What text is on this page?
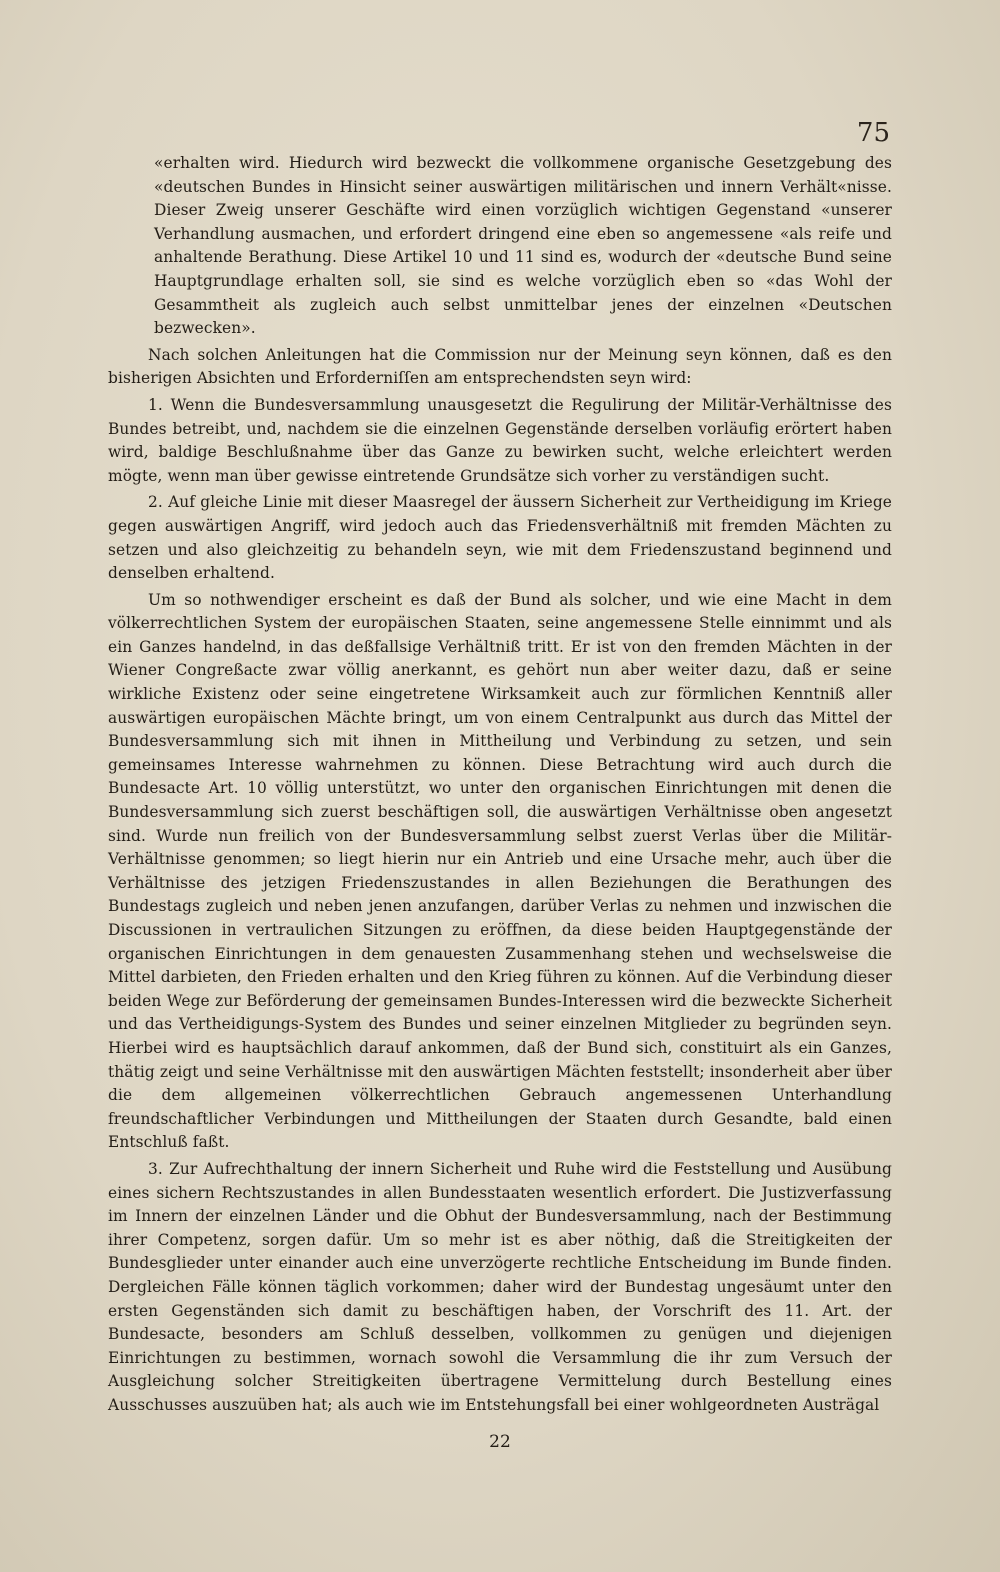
75

«erhalten wird. Hiedurch wird bezweckt die vollkommene organische Gesetzgebung des «deutschen Bundes in Hinsicht seiner auswärtigen militärischen und innern Verhält«nisse. Dieser Zweig unserer Geschäfte wird einen vorzüglich wichtigen Gegenstand «unserer Verhandlung ausmachen, und erfordert dringend eine eben so angemessene «als reife und anhaltende Berathung. Diese Artikel 10 und 11 sind es, wodurch der «deutsche Bund seine Hauptgrundlage erhalten soll, sie sind es welche vorzüglich eben so «das Wohl der Gesammtheit als zugleich auch selbst unmittelbar jenes der einzelnen «Deutschen bezwecken».

Nach solchen Anleitungen hat die Commission nur der Meinung seyn können, daß es den bisherigen Absichten und Erforderniſſen am entsprechendsten seyn wird:

1. Wenn die Bundesversammlung unausgesetzt die Regulirung der Militär-Verhältnisse des Bundes betreibt, und, nachdem sie die einzelnen Gegenstände derselben vorläufig erörtert haben wird, baldige Beschlußnahme über das Ganze zu bewirken sucht, welche erleichtert werden mögte, wenn man über gewisse eintretende Grundsätze sich vorher zu verständigen sucht.

2. Auf gleiche Linie mit dieser Maasregel der äussern Sicherheit zur Vertheidigung im Kriege gegen auswärtigen Angriff, wird jedoch auch das Friedensverhältniß mit fremden Mächten zu setzen und also gleichzeitig zu behandeln seyn, wie mit dem Friedenszustand beginnend und denselben erhaltend.

Um so nothwendiger erscheint es daß der Bund als solcher, und wie eine Macht in dem völkerrechtlichen System der europäischen Staaten, seine angemessene Stelle einnimmt und als ein Ganzes handelnd, in das deßfallsige Verhältniß tritt. Er ist von den fremden Mächten in der Wiener Congreßacte zwar völlig anerkannt, es gehört nun aber weiter dazu, daß er seine wirkliche Existenz oder seine eingetretene Wirksamkeit auch zur förmlichen Kenntniß aller auswärtigen europäischen Mächte bringt, um von einem Centralpunkt aus durch das Mittel der Bundesversammlung sich mit ihnen in Mittheilung und Verbindung zu setzen, und sein gemeinsames Interesse wahrnehmen zu können. Diese Betrachtung wird auch durch die Bundesacte Art. 10 völlig unterstützt, wo unter den organischen Einrichtungen mit denen die Bundesversammlung sich zuerst beschäftigen soll, die auswärtigen Verhältnisse oben angesetzt sind. Wurde nun freilich von der Bundesversammlung selbst zuerst Verlas über die Militär-Verhältnisse genommen; so liegt hierin nur ein Antrieb und eine Ursache mehr, auch über die Verhältnisse des jetzigen Friedenszustandes in allen Beziehungen die Berathungen des Bundestags zugleich und neben jenen anzufangen, darüber Verlas zu nehmen und inzwischen die Discussionen in vertraulichen Sitzungen zu eröffnen, da diese beiden Hauptgegenstände der organischen Einrichtungen in dem genauesten Zusammenhang stehen und wechselsweise die Mittel darbieten, den Frieden erhalten und den Krieg führen zu können. Auf die Verbindung dieser beiden Wege zur Beförderung der gemeinsamen Bundes-Interessen wird die bezweckte Sicherheit und das Vertheidigungs-System des Bundes und seiner einzelnen Mitglieder zu begründen seyn. Hierbei wird es hauptsächlich darauf ankommen, daß der Bund sich, constituirt als ein Ganzes, thätig zeigt und seine Verhältnisse mit den auswärtigen Mächten feststellt; insonderheit aber über die dem allgemeinen völkerrechtlichen Gebrauch angemessenen Unterhandlung freundschaftlicher Verbindungen und Mittheilungen der Staaten durch Gesandte, bald einen Entschluß faßt.

3. Zur Aufrechthaltung der innern Sicherheit und Ruhe wird die Feststellung und Ausübung eines sichern Rechtszustandes in allen Bundesstaaten wesentlich erfordert. Die Justizverfassung im Innern der einzelnen Länder und die Obhut der Bundesversammlung, nach der Bestimmung ihrer Competenz, sorgen dafür. Um so mehr ist es aber nöthig, daß die Streitigkeiten der Bundesglieder unter einander auch eine unverzögerte rechtliche Entscheidung im Bunde finden. Dergleichen Fälle können täglich vorkommen; daher wird der Bundestag ungesäumt unter den ersten Gegenständen sich damit zu beschäftigen haben, der Vorschrift des 11. Art. der Bundesacte, besonders am Schluß desselben, vollkommen zu genügen und diejenigen Einrichtungen zu bestimmen, wornach sowohl die Versammlung die ihr zum Versuch der Ausgleichung solcher Streitigkeiten übertragene Vermittelung durch Bestellung eines Ausschusses auszuüben hat; als auch wie im Entstehungsfall bei einer wohlgeordneten Austrägal

22
